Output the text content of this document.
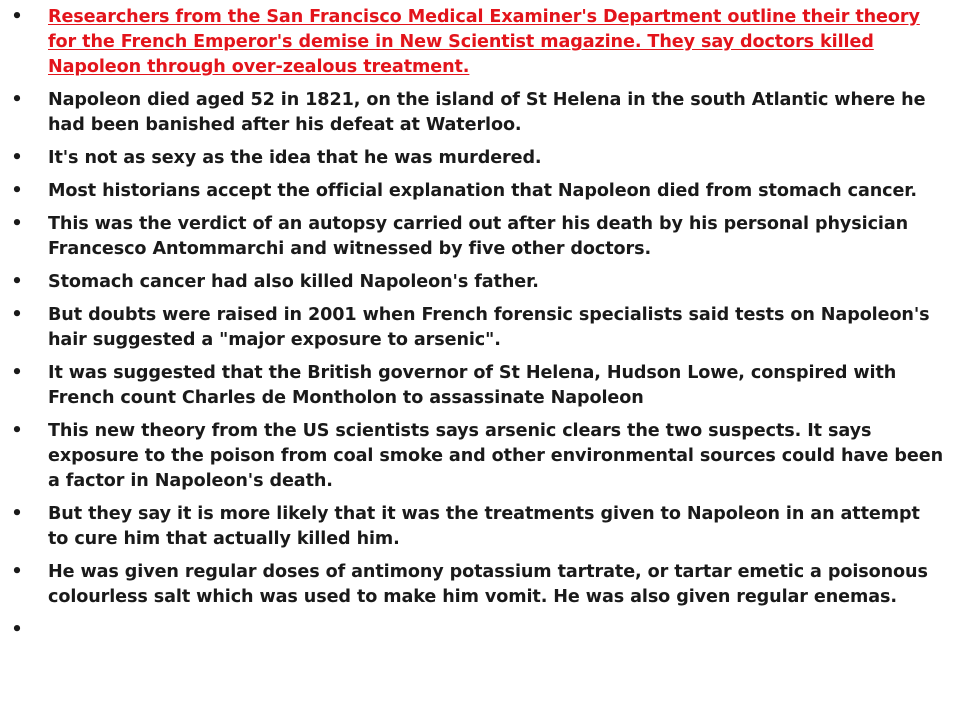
• Researchers from the San Francisco Medical Examiner's Department outline their theory for the French Emperor's demise in New Scientist magazine. They say doctors killed Napoleon through over-zealous treatment.
• Napoleon died aged 52 in 1821, on the island of St Helena in the south Atlantic where he had been banished after his defeat at Waterloo.
• It's not as sexy as the idea that he was murdered.
• Most historians accept the official explanation that Napoleon died from stomach cancer.
• This was the verdict of an autopsy carried out after his death by his personal physician Francesco Antommarchi and witnessed by five other doctors.
• Stomach cancer had also killed Napoleon's father.
• But doubts were raised in 2001 when French forensic specialists said tests on Napoleon's hair suggested a "major exposure to arsenic".
• It was suggested that the British governor of St Helena, Hudson Lowe, conspired with French count Charles de Montholon to assassinate Napoleon
• This new theory from the US scientists says arsenic clears the two suspects. It says exposure to the poison from coal smoke and other environmental sources could have been a factor in Napoleon's death.
• But they say it is more likely that it was the treatments given to Napoleon in an attempt to cure him that actually killed him.
• He was given regular doses of antimony potassium tartrate, or tartar emetic a poisonous colourless salt which was used to make him vomit. He was also given regular enemas.
•
